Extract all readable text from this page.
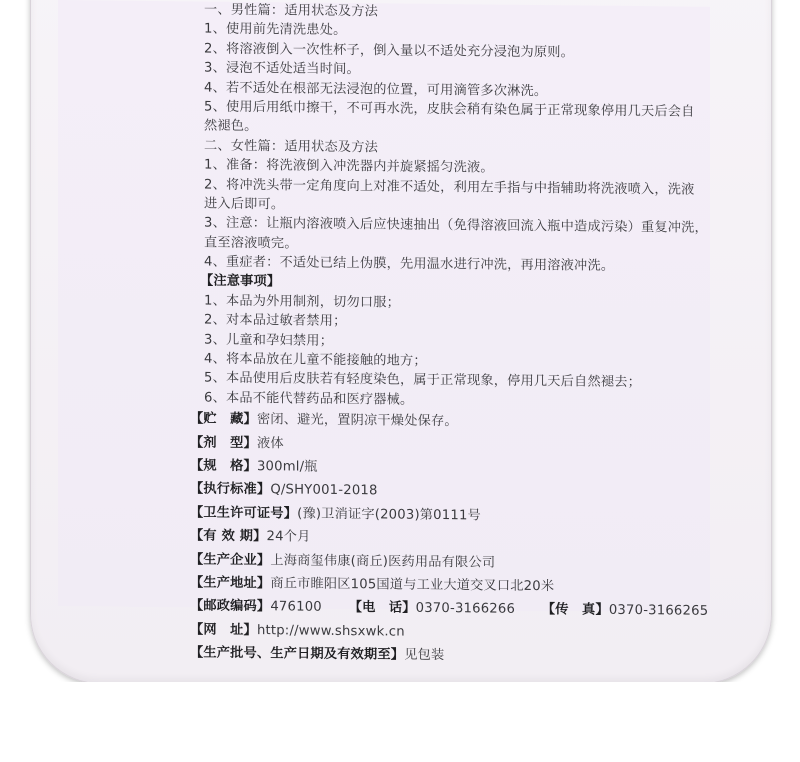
一、男性篇：适用状态及方法
1、使用前先清洗患处。
2、将溶液倒入一次性杯子，倒入量以不适处充分浸泡为原则。
3、浸泡不适处适当时间。
4、若不适处在根部无法浸泡的位置，可用滴管多次淋洗。
5、使用后用纸巾擦干，不可再水洗，皮肤会稍有染色属于正常现象停用几天后会自
然褪色。
二、女性篇：适用状态及方法
1、准备：将洗液倒入冲洗器内并旋紧摇匀洗液。
2、将冲洗头带一定角度向上对准不适处，利用左手指与中指辅助将洗液喷入，洗液
进入后即可。
3、注意：让瓶内溶液喷入后应快速抽出（免得溶液回流入瓶中造成污染）重复冲洗，
直至溶液喷完。
4、重症者：不适处已结上伪膜，先用温水进行冲洗，再用溶液冲洗。
【注意事项】
1、本品为外用制剂，切勿口服；
2、对本品过敏者禁用；
3、儿童和孕妇禁用；
4、将本品放在儿童不能接触的地方；
5、本品使用后皮肤若有轻度染色，属于正常现象，停用几天后自然褪去；
6、本品不能代替药品和医疗器械。
【贮　藏】密闭、避光，置阴凉干燥处保存。
【剂　型】液体
【规　格】300ml/瓶
【执行标准】Q/SHY001-2018
【卫生许可证号】(豫)卫消证字(2003)第0111号
【有 效 期】24个月
【生产企业】上海商玺伟康(商丘)医药用品有限公司
【生产地址】商丘市睢阳区105国道与工业大道交叉口北20米
【邮政编码】476100 【电　话】0370-3166266 【传　真】0370-3166265
【网　址】http://www.shsxwk.cn
【生产批号、生产日期及有效期至】见包装
